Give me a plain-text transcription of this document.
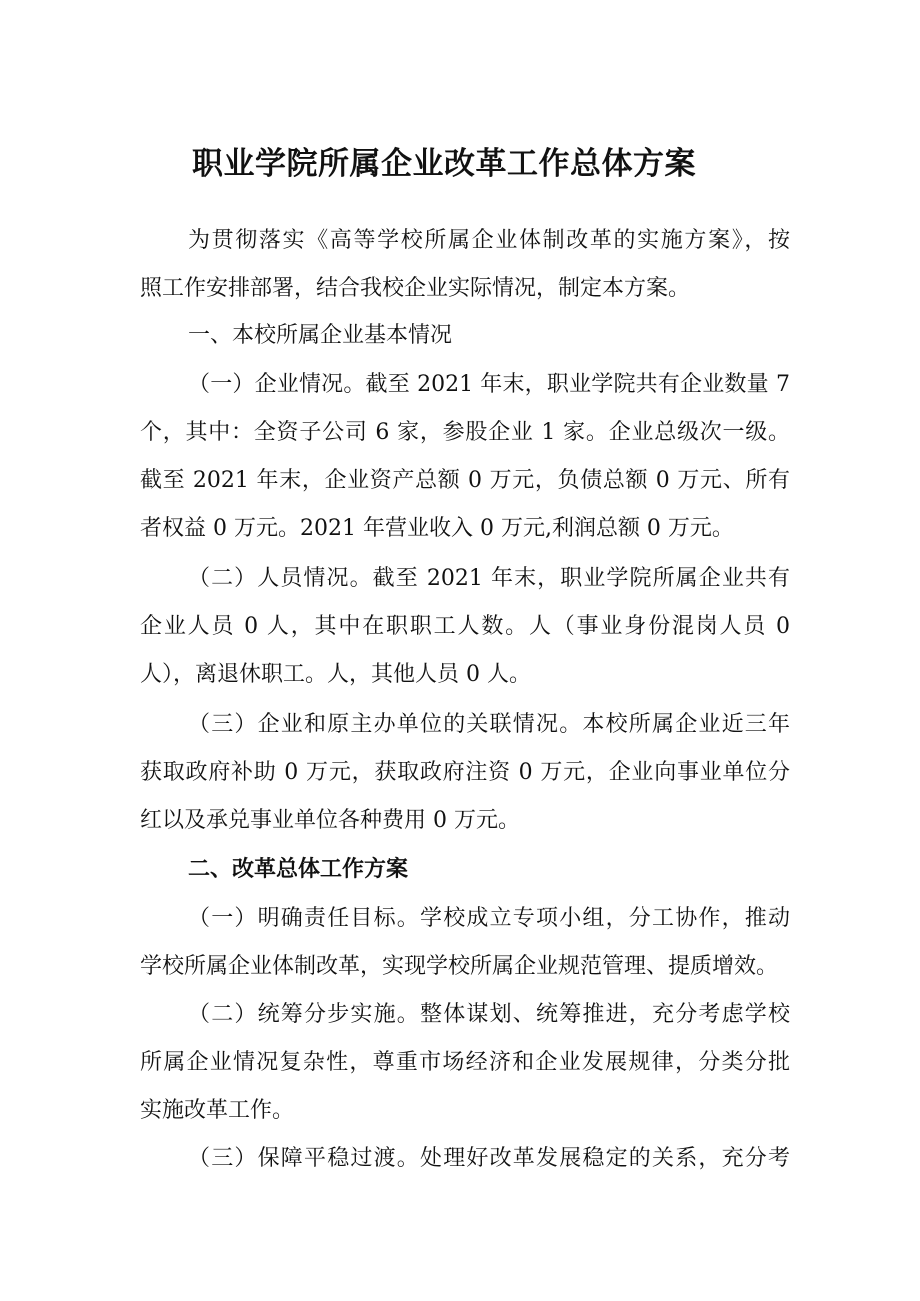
职业学院所属企业改革工作总体方案
为贯彻落实《高等学校所属企业体制改革的实施方案》，按
照工作安排部署，结合我校企业实际情况，制定本方案。
一、本校所属企业基本情况
（一）企业情况。截至 2021 年末，职业学院共有企业数量 7
个，其中：全资子公司 6 家，参股企业 1 家。企业总级次一级。
截至 2021 年末，企业资产总额 0 万元，负债总额 0 万元、所有
者权益 0 万元。2021 年营业收入 0 万元,利润总额 0 万元。
（二）人员情况。截至 2021 年末，职业学院所属企业共有
企业人员 0 人，其中在职职工人数。人（事业身份混岗人员 0
人），离退休职工。人，其他人员 0 人。
（三）企业和原主办单位的关联情况。本校所属企业近三年
获取政府补助 0 万元，获取政府注资 0 万元，企业向事业单位分
红以及承兑事业单位各种费用 0 万元。
二、改革总体工作方案
（一）明确责任目标。学校成立专项小组，分工协作，推动
学校所属企业体制改革，实现学校所属企业规范管理、提质增效。
（二）统筹分步实施。整体谋划、统筹推进，充分考虑学校
所属企业情况复杂性，尊重市场经济和企业发展规律，分类分批
实施改革工作。
（三）保障平稳过渡。处理好改革发展稳定的关系，充分考
